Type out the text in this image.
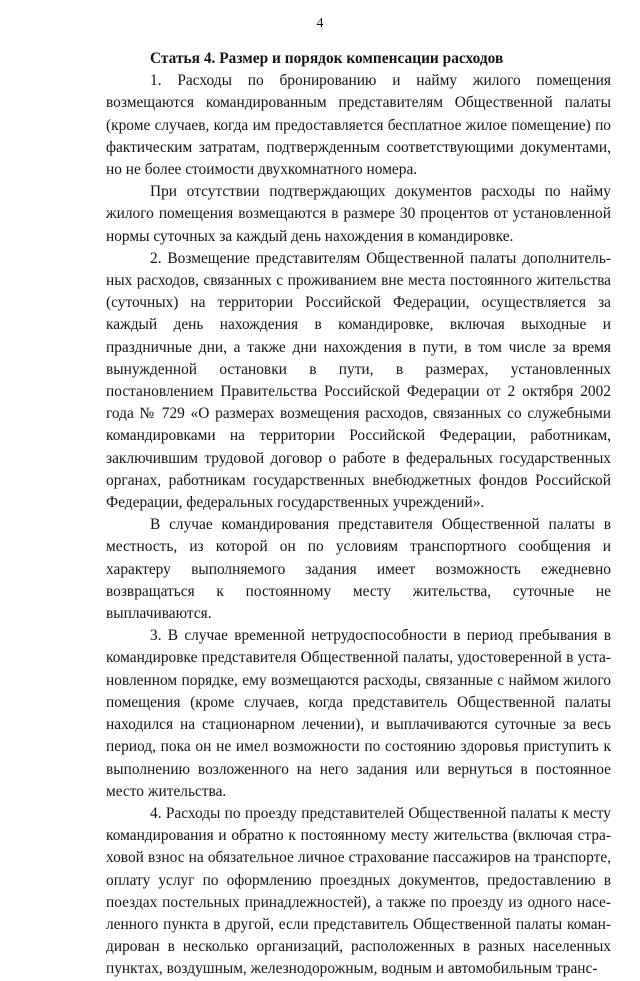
4

Статья 4. Размер и порядок компенсации расходов

1. Расходы по бронированию и найму жилого помещения возмещаются командированным представителям Общественной палаты (кроме случаев, когда им предоставляется бесплатное жилое помещение) по фактическим затратам, подтвержденным соответствующими документами, но не более стоимости двухкомнатного номера.

При отсутствии подтверждающих документов расходы по найму жилого помещения возмещаются в размере 30 процентов от установленной нормы суточных за каждый день нахождения в командировке.

2. Возмещение представителям Общественной палаты дополнительных расходов, связанных с проживанием вне места постоянного жительства (суточных) на территории Российской Федерации, осуществляется за каждый день нахождения в командировке, включая выходные и праздничные дни, а также дни нахождения в пути, в том числе за время вынужденной остановки в пути, в размерах, установленных постановлением Правительства Российской Федерации от 2 октября 2002 года № 729 «О размерах возмещения расходов, связанных со служебными командировками на территории Российской Федерации, работникам, заключившим трудовой договор о работе в федеральных государственных органах, работникам государственных внебюджетных фондов Российской Федерации, федеральных государственных учреждений».

В случае командирования представителя Общественной палаты в местность, из которой он по условиям транспортного сообщения и характеру выполняемого задания имеет возможность ежедневно возвращаться к постоянному месту жительства, суточные не выплачиваются.

3. В случае временной нетрудоспособности в период пребывания в командировке представителя Общественной палаты, удостоверенной в установленном порядке, ему возмещаются расходы, связанные с наймом жилого помещения (кроме случаев, когда представитель Общественной палаты находился на стационарном лечении), и выплачиваются суточные за весь период, пока он не имел возможности по состоянию здоровья приступить к выполнению возложенного на него задания или вернуться в постоянное место жительства.

4. Расходы по проезду представителей Общественной палаты к месту командирования и обратно к постоянному месту жительства (включая страховой взнос на обязательное личное страхование пассажиров на транспорте, оплату услуг по оформлению проездных документов, предоставлению в поездах постельных принадлежностей), а также по проезду из одного населенного пункта в другой, если представитель Общественной палаты командирован в несколько организаций, расположенных в разных населенных пунктах, воздушным, железнодорожным, водным и автомобильным транс-
